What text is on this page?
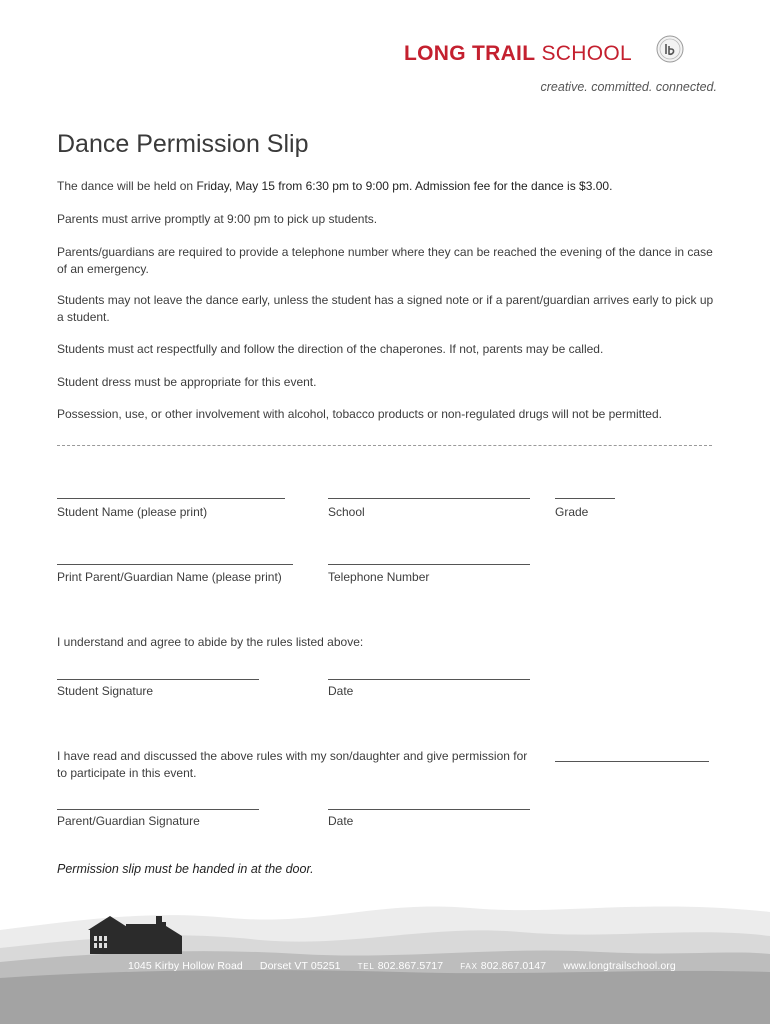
LONG TRAIL SCHOOL
creative. committed. connected.
Dance Permission Slip
The dance will be held on Friday, May 15 from 6:30 pm to 9:00 pm. Admission fee for the dance is $3.00.
Parents must arrive promptly at 9:00 pm to pick up students.
Parents/guardians are required to provide a telephone number where they can be reached the evening of the dance in case of an emergency.
Students may not leave the dance early, unless the student has a signed note or if a parent/guardian arrives early to pick up a student.
Students must act respectfully and follow the direction of the chaperones. If not, parents may be called.
Student dress must be appropriate for this event.
Possession, use, or other involvement with alcohol, tobacco products or non-regulated drugs will not be permitted.
Student Name (please print)	School	Grade
Print Parent/Guardian Name (please print)	Telephone Number
I understand and agree to abide by the rules listed above:
Student Signature	Date
I have read and discussed the above rules with my son/daughter and give permission for
to participate in this event.
Parent/Guardian Signature	Date
Permission slip must be handed in at the door.
1045 Kirby Hollow Road Dorset VT 05251 TEL 802.867.5717 FAX 802.867.0147 www.longtrailschool.org
